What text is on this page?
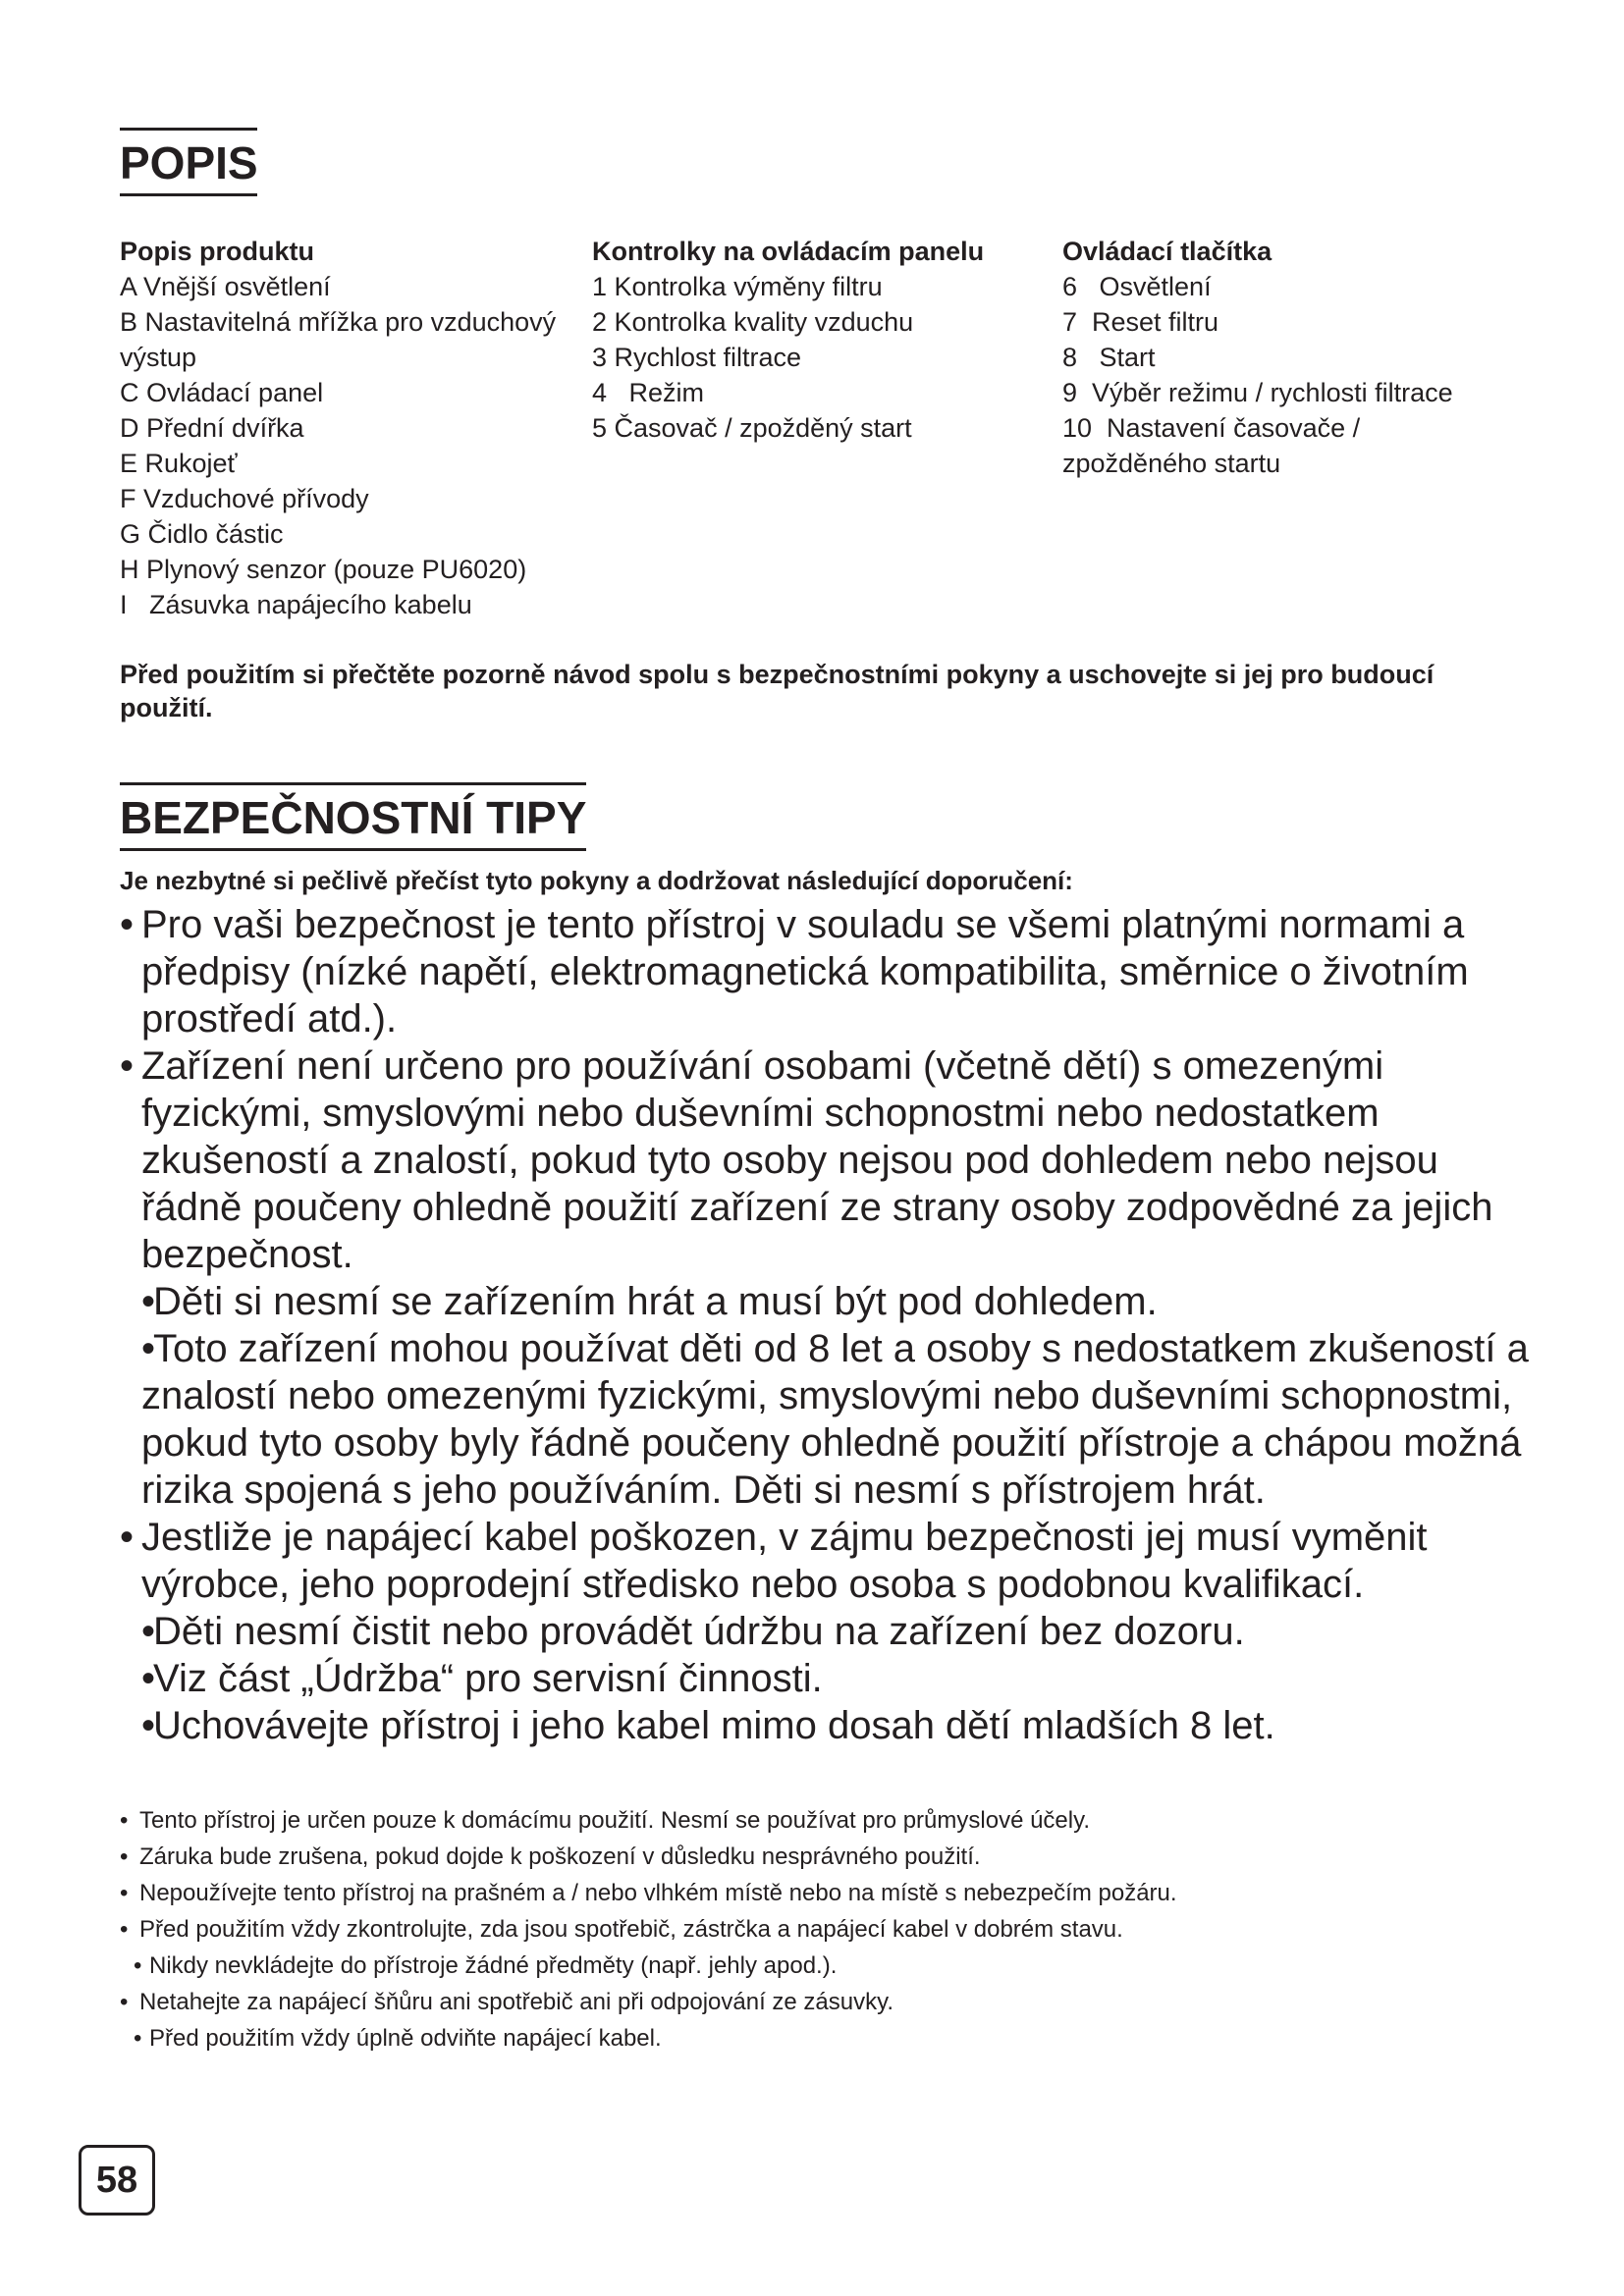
POPIS
Popis produktu
A Vnější osvětlení
B Nastavitelná mřížka pro vzduchový
výstup
C Ovládací panel
D Přední dvířka
E Rukojeť
F Vzduchové přívody
G Čidlo částic
H Plynový senzor (pouze PU6020)
I   Zásuvka napájecího kabelu
Kontrolky na ovládacím panelu
1 Kontrolka výměny filtru
2 Kontrolka kvality vzduchu
3 Rychlost filtrace
4   Režim
5 Časovač / zpožděný start
Ovládací tlačítka
6   Osvětlení
7  Reset filtru
8   Start
9  Výběr režimu / rychlosti filtrace
10  Nastavení časovače /
zpožděného startu
Před použitím si přečtěte pozorně návod spolu s bezpečnostními pokyny a uschovejte si jej pro budoucí použití.
BEZPEČNOSTNÍ TIPY
Je nezbytné si pečlivě přečíst tyto pokyny a dodržovat následující doporučení:
• Pro vaši bezpečnost je tento přístroj v souladu se všemi platnými normami a předpisy (nízké napětí, elektromagnetická kompatibilita, směrnice o životním prostředí atd.).
• Zařízení není určeno pro používání osobami (včetně dětí) s omezenými fyzickými, smyslovými nebo duševními schopnostmi nebo nedostatkem zkušeností a znalostí, pokud tyto osoby nejsou pod dohledem nebo nejsou řádně poučeny ohledně použití zařízení ze strany osoby zodpovědné za jejich bezpečnost.
•
Děti si nesmí se zařízením hrát a musí být pod dohledem.
•
Toto zařízení mohou používat děti od 8 let a osoby s nedostatkem zkušeností a znalostí nebo omezenými fyzickými, smyslovými nebo duševními schopnostmi, pokud tyto osoby byly řádně poučeny ohledně použití přístroje a chápou možná rizika spojená s jeho používáním. Děti si nesmí s přístrojem hrát.
• Jestliže je napájecí kabel poškozen, v zájmu bezpečnosti jej musí vyměnit výrobce, jeho poprodejní středisko nebo osoba s podobnou kvalifikací.
•
Děti nesmí čistit nebo provádět údržbu na zařízení bez dozoru.
•
Viz část „Údržba“ pro servisní činnosti.
•
Uchovávejte přístroj i jeho kabel mimo dosah dětí mladších 8 let.
• Tento přístroj je určen pouze k domácímu použití. Nesmí se používat pro průmyslové účely.
• Záruka bude zrušena, pokud dojde k poškození v důsledku nesprávného použití.
• Nepoužívejte tento přístroj na prašném a / nebo vlhkém místě nebo na místě s nebezpečím požáru.
• Před použitím vždy zkontrolujte, zda jsou spotřebič, zástrčka a napájecí kabel v dobrém stavu.
• Nikdy nevkládejte do přístroje žádné předměty (např. jehly apod.).
• Netahejte za napájecí šňůru ani spotřebič ani při odpojování ze zásuvky.
• Před použitím vždy úplně odviňte napájecí kabel.
58
